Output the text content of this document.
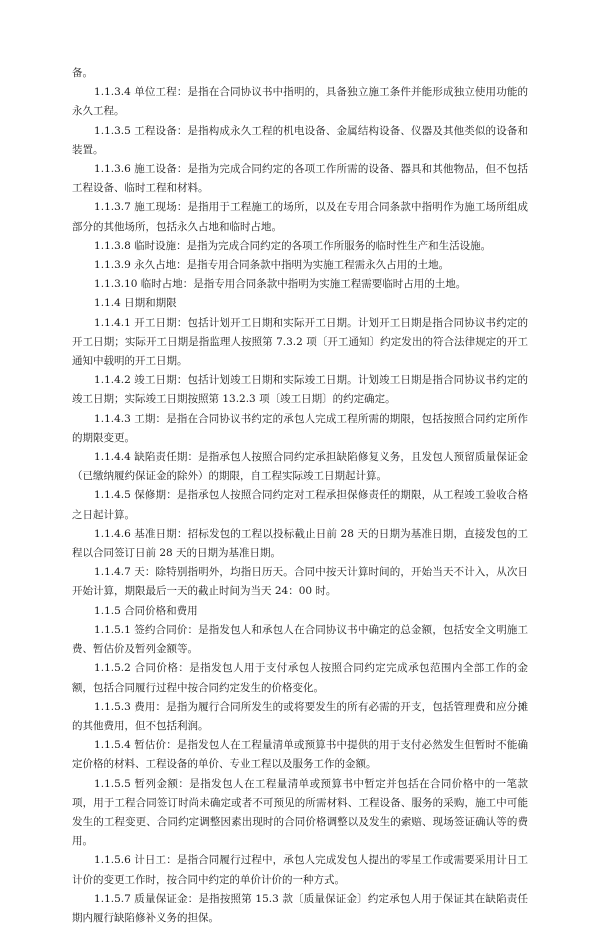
备。

1.1.3.4 单位工程：是指在合同协议书中指明的，具备独立施工条件并能形成独立使用功能的永久工程。

1.1.3.5 工程设备：是指构成永久工程的机电设备、金属结构设备、仪器及其他类似的设备和装置。

1.1.3.6 施工设备：是指为完成合同约定的各项工作所需的设备、器具和其他物品，但不包括工程设备、临时工程和材料。

1.1.3.7 施工现场：是指用于工程施工的场所，以及在专用合同条款中指明作为施工场所组成部分的其他场所，包括永久占地和临时占地。

1.1.3.8 临时设施：是指为完成合同约定的各项工作所服务的临时性生产和生活设施。

1.1.3.9 永久占地：是指专用合同条款中指明为实施工程需永久占用的土地。

1.1.3.10 临时占地：是指专用合同条款中指明为实施工程需要临时占用的土地。

1.1.4 日期和期限

1.1.4.1 开工日期：包括计划开工日期和实际开工日期。计划开工日期是指合同协议书约定的开工日期；实际开工日期是指监理人按照第 7.3.2 项〔开工通知〕约定发出的符合法律规定的开工通知中载明的开工日期。

1.1.4.2 竣工日期：包括计划竣工日期和实际竣工日期。计划竣工日期是指合同协议书约定的竣工日期；实际竣工日期按照第 13.2.3 项〔竣工日期〕的约定确定。

1.1.4.3 工期：是指在合同协议书约定的承包人完成工程所需的期限，包括按照合同约定所作的期限变更。

1.1.4.4 缺陷责任期：是指承包人按照合同约定承担缺陷修复义务，且发包人预留质量保证金（已缴纳履约保证金的除外）的期限，自工程实际竣工日期起计算。

1.1.4.5 保修期：是指承包人按照合同约定对工程承担保修责任的期限，从工程竣工验收合格之日起计算。

1.1.4.6 基准日期：招标发包的工程以投标截止日前 28 天的日期为基准日期，直接发包的工程以合同签订日前 28 天的日期为基准日期。

1.1.4.7 天：除特别指明外，均指日历天。合同中按天计算时间的，开始当天不计入，从次日开始计算，期限最后一天的截止时间为当天 24：00 时。

1.1.5 合同价格和费用

1.1.5.1 签约合同价：是指发包人和承包人在合同协议书中确定的总金额，包括安全文明施工费、暂估价及暂列金额等。

1.1.5.2 合同价格：是指发包人用于支付承包人按照合同约定完成承包范围内全部工作的金额，包括合同履行过程中按合同约定发生的价格变化。

1.1.5.3 费用：是指为履行合同所发生的或将要发生的所有必需的开支，包括管理费和应分摊的其他费用，但不包括利润。

1.1.5.4 暂估价：是指发包人在工程量清单或预算书中提供的用于支付必然发生但暂时不能确定价格的材料、工程设备的单价、专业工程以及服务工作的金额。

1.1.5.5 暂列金额：是指发包人在工程量清单或预算书中暂定并包括在合同价格中的一笔款项，用于工程合同签订时尚未确定或者不可预见的所需材料、工程设备、服务的采购，施工中可能发生的工程变更、合同约定调整因素出现时的合同价格调整以及发生的索赔、现场签证确认等的费用。

1.1.5.6 计日工：是指合同履行过程中，承包人完成发包人提出的零星工作或需要采用计日工计价的变更工作时，按合同中约定的单价计价的一种方式。

1.1.5.7 质量保证金：是指按照第 15.3 款〔质量保证金〕约定承包人用于保证其在缺陷责任期内履行缺陷修补义务的担保。
